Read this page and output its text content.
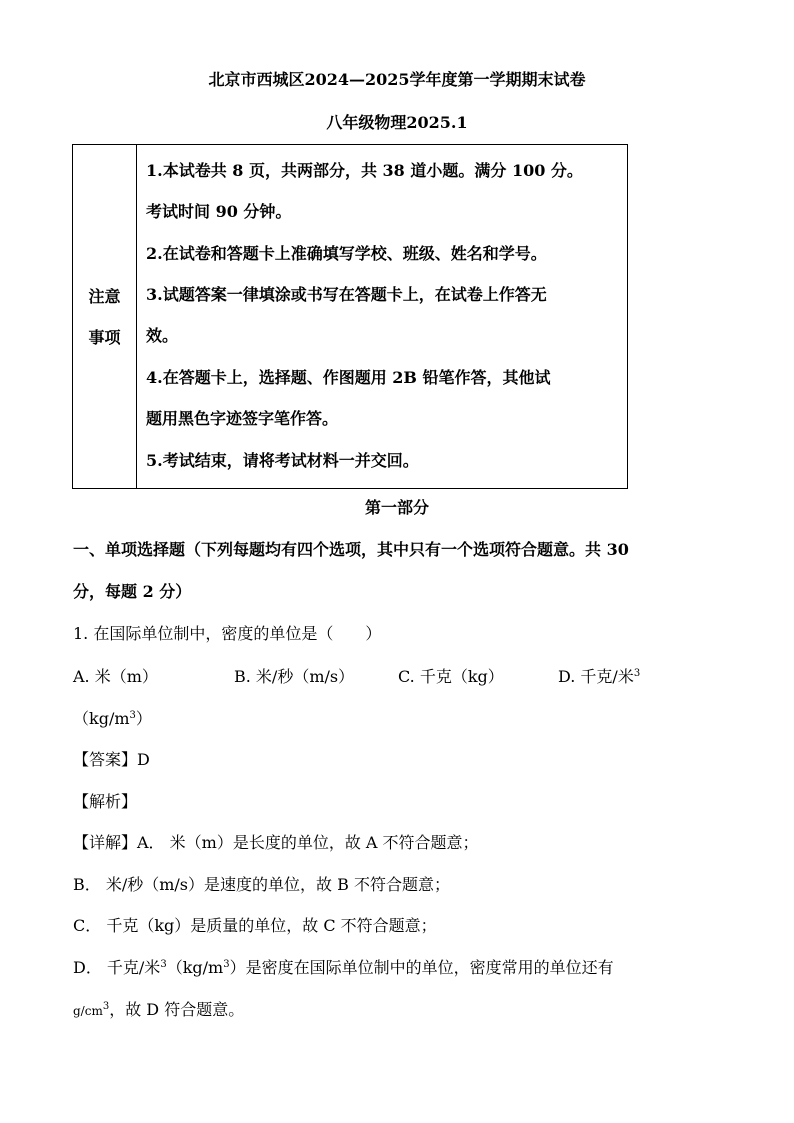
北京市西城区2024—2025学年度第一学期期末试卷
八年级物理2025.1
注意
事项

1.本试卷共 8 页，共两部分，共 38 道小题。满分 100 分。
考试时间 90 分钟。
2.在试卷和答题卡上准确填写学校、班级、姓名和学号。
3.试题答案一律填涂或书写在答题卡上，在试卷上作答无
效。
4.在答题卡上，选择题、作图题用 2B 铅笔作答，其他试
题用黑色字迹签字笔作答。
5.考试结束，请将考试材料一并交回。
第一部分
一、单项选择题（下列每题均有四个选项，其中只有一个选项符合题意。共 30
分，每题 2 分）
1. 在国际单位制中，密度的单位是（　　）
A. 米（m）	B. 米/秒（m/s）	C. 千克（kg）	D. 千克/米$^3$
$(kg/m^3)$
【答案】D
【解析】
【详解】A． 米（m）是长度的单位，故 A 不符合题意；
B． 米/秒（m/s）是速度的单位，故 B 不符合题意；
C． 千克（kg）是质量的单位，故 C 不符合题意；
D． 千克/米$^3(kg/m^3)$是密度在国际单位制中的单位，密度常用的单位还有
$g/cm^3$，故 D 符合题意。
